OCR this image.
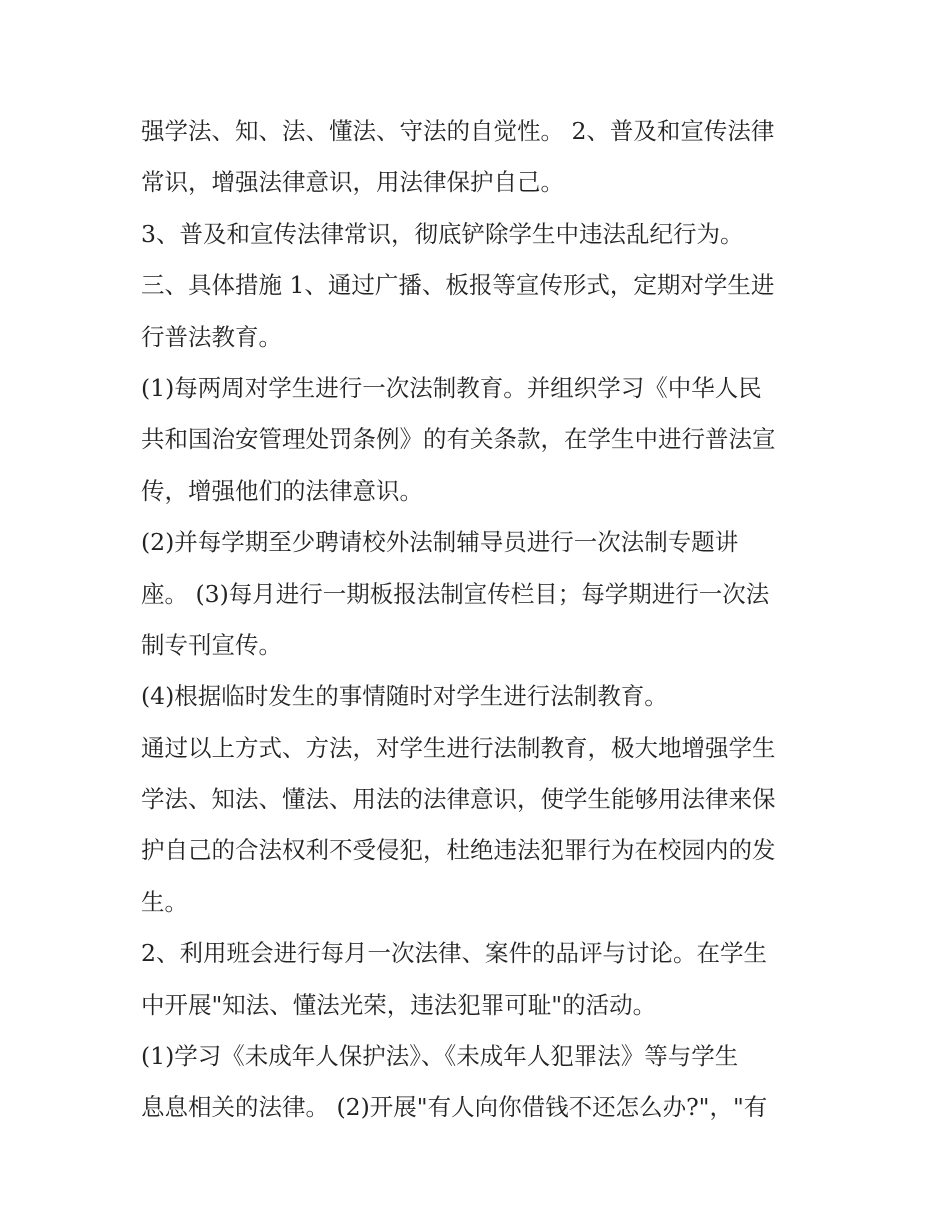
强学法、知、法、懂法、守法的自觉性。 2、普及和宣传法律
常识，增强法律意识，用法律保护自己。
3、普及和宣传法律常识，彻底铲除学生中违法乱纪行为。
三、具体措施 1、通过广播、板报等宣传形式，定期对学生进
行普法教育。
(1)每两周对学生进行一次法制教育。并组织学习《中华人民
共和国治安管理处罚条例》的有关条款，在学生中进行普法宣
传，增强他们的法律意识。
(2)并每学期至少聘请校外法制辅导员进行一次法制专题讲
座。 (3)每月进行一期板报法制宣传栏目；每学期进行一次法
制专刊宣传。
(4)根据临时发生的事情随时对学生进行法制教育。
通过以上方式、方法，对学生进行法制教育，极大地增强学生
学法、知法、懂法、用法的法律意识，使学生能够用法律来保
护自己的合法权利不受侵犯，杜绝违法犯罪行为在校园内的发
生。
2、利用班会进行每月一次法律、案件的品评与讨论。在学生
中开展"知法、懂法光荣，违法犯罪可耻"的活动。
(1)学习《未成年人保护法》、《未成年人犯罪法》等与学生
息息相关的法律。 (2)开展"有人向你借钱不还怎么办?"，"有
